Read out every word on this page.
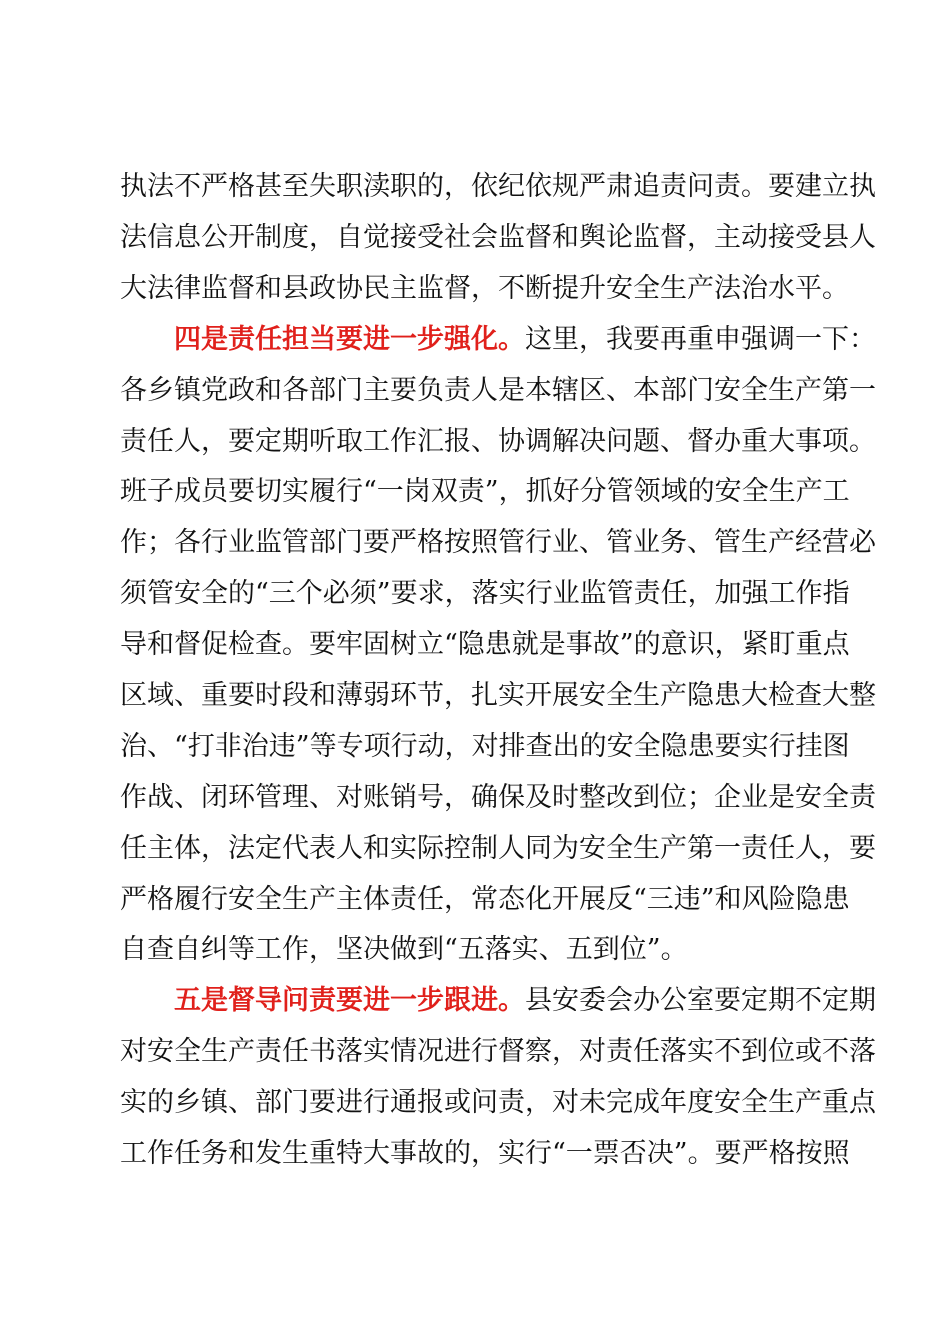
执法不严格甚至失职渎职的，依纪依规严肃追责问责。要建立执
法信息公开制度，自觉接受社会监督和舆论监督，主动接受县人
大法律监督和县政协民主监督，不断提升安全生产法治水平。
四是责任担当要进一步强化。这里，我要再重申强调一下：
各乡镇党政和各部门主要负责人是本辖区、本部门安全生产第一
责任人，要定期听取工作汇报、协调解决问题、督办重大事项。
班子成员要切实履行“一岗双责”，抓好分管领域的安全生产工
作；各行业监管部门要严格按照管行业、管业务、管生产经营必
须管安全的“三个必须”要求，落实行业监管责任，加强工作指
导和督促检查。要牢固树立“隐患就是事故”的意识，紧盯重点
区域、重要时段和薄弱环节，扎实开展安全生产隐患大检查大整
治、“打非治违”等专项行动，对排查出的安全隐患要实行挂图
作战、闭环管理、对账销号，确保及时整改到位；企业是安全责
任主体，法定代表人和实际控制人同为安全生产第一责任人，要
严格履行安全生产主体责任，常态化开展反“三违”和风险隐患
自查自纠等工作，坚决做到“五落实、五到位”。
五是督导问责要进一步跟进。县安委会办公室要定期不定期
对安全生产责任书落实情况进行督察，对责任落实不到位或不落
实的乡镇、部门要进行通报或问责，对未完成年度安全生产重点
工作任务和发生重特大事故的，实行“一票否决”。要严格按照
